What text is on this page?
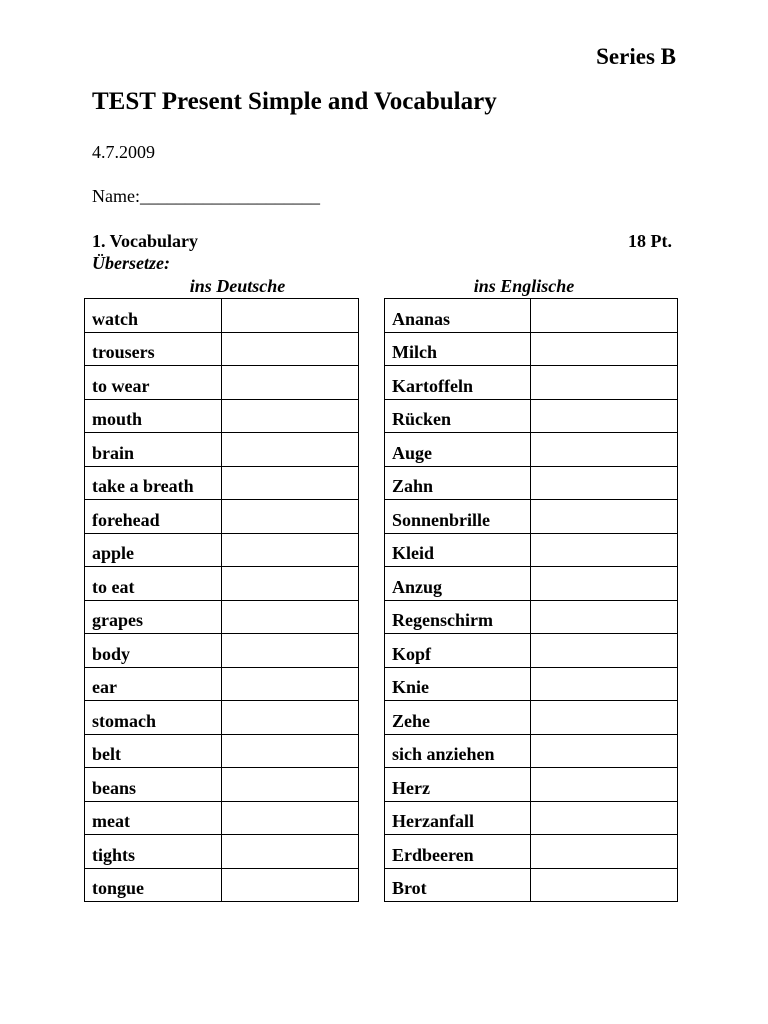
Series B
TEST Present Simple and Vocabulary
4.7.2009
Name:____________________
1. Vocabulary	18 Pt.
Übersetze:
ins Deutsche	ins Englische
watch	
trousers	
to wear	
mouth	
brain	
take a breath	
forehead	
apple	
to eat	
grapes	
body	
ear	
stomach	
belt	
beans	
meat	
tights	
tongue	
Ananas	
Milch	
Kartoffeln	
Rücken	
Auge	
Zahn	
Sonnenbrille	
Kleid	
Anzug	
Regenschirm	
Kopf	
Knie	
Zehe	
sich anziehen	
Herz	
Herzanfall	
Erdbeeren	
Brot	
